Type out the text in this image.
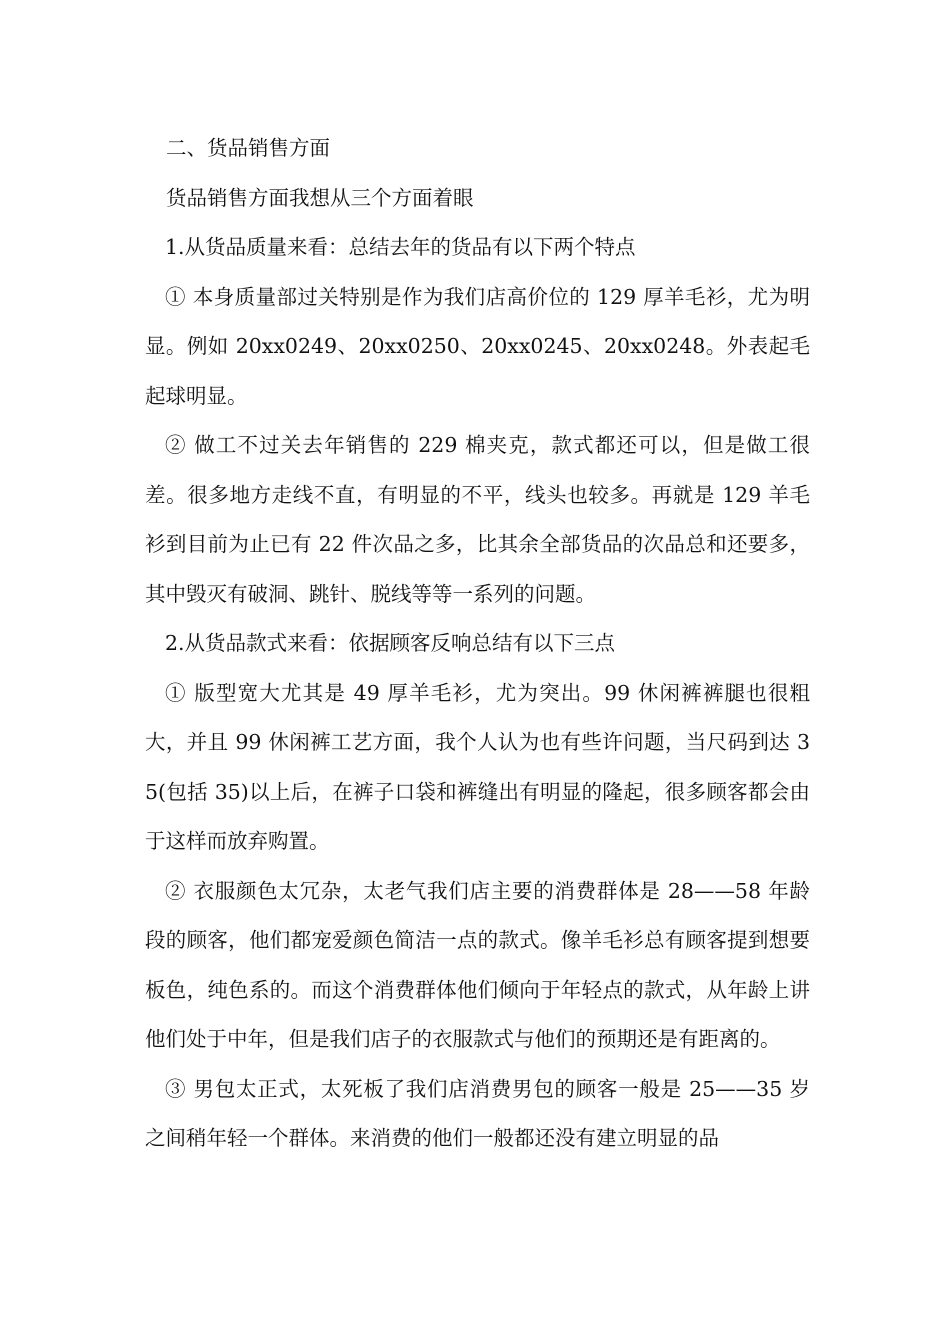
二、货品销售方面

货品销售方面我想从三个方面着眼

1.从货品质量来看：总结去年的货品有以下两个特点

① 本身质量部过关特别是作为我们店高价位的 129 厚羊毛衫，尤为明显。例如 20xx0249、20xx0250、20xx0245、20xx0248。外表起毛起球明显。

② 做工不过关去年销售的 229 棉夹克，款式都还可以，但是做工很差。很多地方走线不直，有明显的不平，线头也较多。再就是 129 羊毛衫到目前为止已有 22 件次品之多，比其余全部货品的次品总和还要多，其中毁灭有破洞、跳针、脱线等等一系列的问题。

2.从货品款式来看：依据顾客反响总结有以下三点

① 版型宽大尤其是 49 厚羊毛衫，尤为突出。99 休闲裤裤腿也很粗大，并且 99 休闲裤工艺方面，我个人认为也有些许问题，当尺码到达 35(包括 35)以上后，在裤子口袋和裤缝出有明显的隆起，很多顾客都会由于这样而放弃购置。

② 衣服颜色太冗杂，太老气我们店主要的消费群体是 28——58 年龄段的顾客，他们都宠爱颜色简洁一点的款式。像羊毛衫总有顾客提到想要板色，纯色系的。而这个消费群体他们倾向于年轻点的款式，从年龄上讲他们处于中年，但是我们店子的衣服款式与他们的预期还是有距离的。

③ 男包太正式，太死板了我们店消费男包的顾客一般是 25——35 岁之间稍年轻一个群体。来消费的他们一般都还没有建立明显的品
